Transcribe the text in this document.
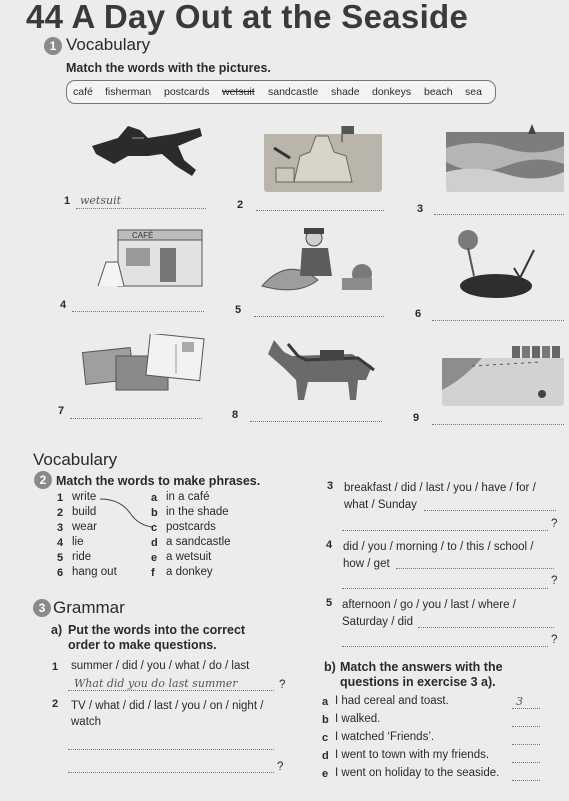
44 A Day Out at the Seaside
1 Vocabulary
Match the words with the pictures.
café fisherman postcards wetsuit sandcastle shade donkeys beach sea
1 wetsuit	2	3
CAFÉ
4	5	6
7	8	9
Vocabulary
2 Match the words to make phrases.
1 write
2 build
3 wear
4 lie
5 ride
6 hang out
a in a café
b in the shade
c postcards
d a sandcastle
e a wetsuit
f a donkey
3 Grammar
a) Put the words into the correct order to make questions.
1 summer / did / you / what / do / last
What did you do last summer	?
2 TV / what / did / last / you / on / night / watch
?
3 breakfast / did / last / you / have / for / what / Sunday
?
4 did / you / morning / to / this / school / how / get
?
5 afternoon / go / you / last / where / Saturday / did
?
b) Match the answers with the questions in exercise 3 a).
a I had cereal and toast.	3
b I walked.
c I watched ‘Friends’.
d I went to town with my friends.
e I went on holiday to the seaside.
